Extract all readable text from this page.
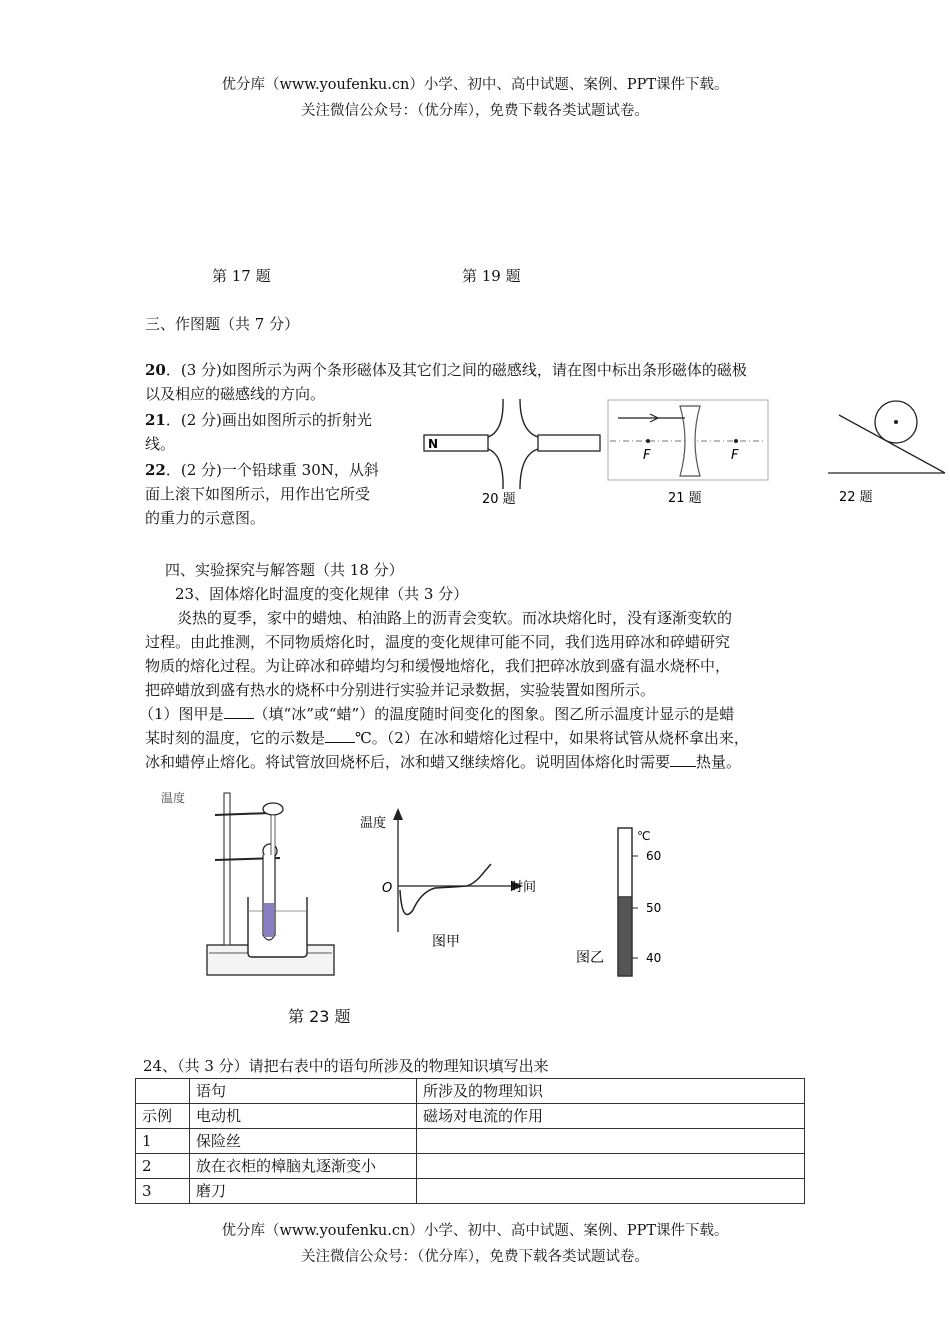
优分库（www.youfenku.cn）小学、初中、高中试题、案例、PPT课件下载。
关注微信公众号：（优分库），免费下载各类试题试卷。
第 17 题	第 19 题
三、作图题（共 7 分）
20．(3 分)如图所示为两个条形磁体及其它们之间的磁感线，请在图中标出条形磁体的磁极
以及相应的磁感线的方向。
21．(2 分)画出如图所示的折射光
线。
22．(2 分)一个铅球重 30N，从斜
面上滚下如图所示，用作出它所受
的重力的示意图。
N
20 题
F	F
21 题	22 题
四、实验探究与解答题（共 18 分）
23、固体熔化时温度的变化规律（共 3 分）
炎热的夏季，家中的蜡烛、柏油路上的沥青会变软。而冰块熔化时，没有逐渐变软的
过程。由此推测，不同物质熔化时，温度的变化规律可能不同，我们选用碎冰和碎蜡研究
物质的熔化过程。为让碎冰和碎蜡均匀和缓慢地熔化，我们把碎冰放到盛有温水烧杯中，
把碎蜡放到盛有热水的烧杯中分别进行实验并记录数据，实验装置如图所示。
（1）图甲是 （填“冰”或“蜡”）的温度随时间变化的图象。图乙所示温度计显示的是蜡
某时刻的温度，它的示数是 ℃。（2）在冰和蜡熔化过程中，如果将试管从烧杯拿出来，
冰和蜡停止熔化。将试管放回烧杯后，冰和蜡又继续熔化。说明固体熔化时需要 热量。
温度
第 23 题
温度
时间
O
图甲
图乙
℃
60
50
40
24、（共 3 分）请把右表中的语句所涉及的物理知识填写出来
	语句	所涉及的物理知识
示例	电动机	磁场对电流的作用
1	保险丝	
2	放在衣柜的樟脑丸逐渐变小	
3	磨刀	
优分库（www.youfenku.cn）小学、初中、高中试题、案例、PPT课件下载。
关注微信公众号：（优分库），免费下载各类试题试卷。
